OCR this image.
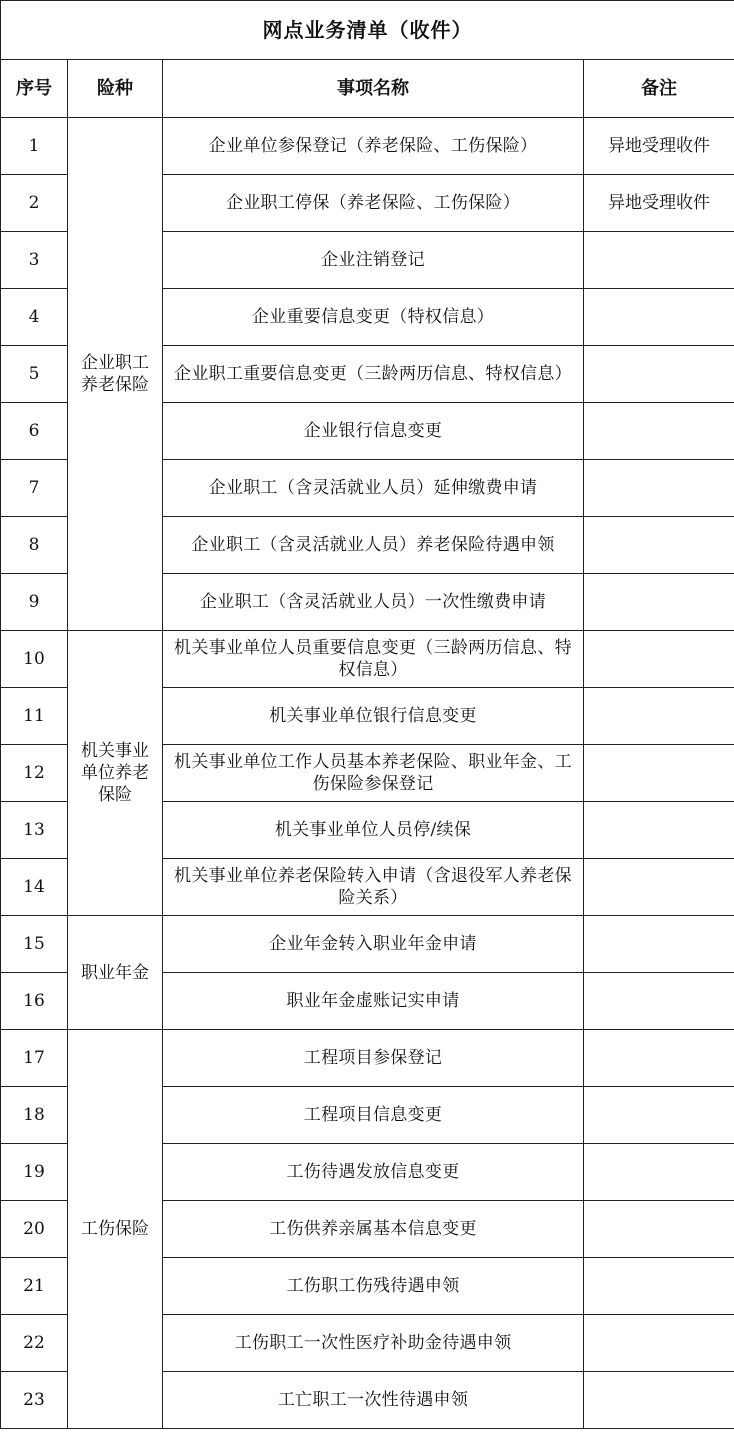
网点业务清单（收件）			
序号	险种	事项名称	备注
1	企业职工养老保险	企业单位参保登记（养老保险、工伤保险）	异地受理收件
2		企业职工停保（养老保险、工伤保险）	异地受理收件
3		企业注销登记	
4		企业重要信息变更（特权信息）	
5		企业职工重要信息变更（三龄两历信息、特权信息）	
6		企业银行信息变更	
7		企业职工（含灵活就业人员）延伸缴费申请	
8		企业职工（含灵活就业人员）养老保险待遇申领	
9		企业职工（含灵活就业人员）一次性缴费申请	
10	机关事业单位养老保险	机关事业单位人员重要信息变更（三龄两历信息、特权信息）	
11		机关事业单位银行信息变更	
12		机关事业单位工作人员基本养老保险、职业年金、工伤保险参保登记	
13		机关事业单位人员停/续保	
14		机关事业单位养老保险转入申请（含退役军人养老保险关系）	
15	职业年金	企业年金转入职业年金申请	
16		职业年金虚账记实申请	
17	工伤保险	工程项目参保登记	
18		工程项目信息变更	
19		工伤待遇发放信息变更	
20		工伤供养亲属基本信息变更	
21		工伤职工伤残待遇申领	
22		工伤职工一次性医疗补助金待遇申领	
23		工亡职工一次性待遇申领	
